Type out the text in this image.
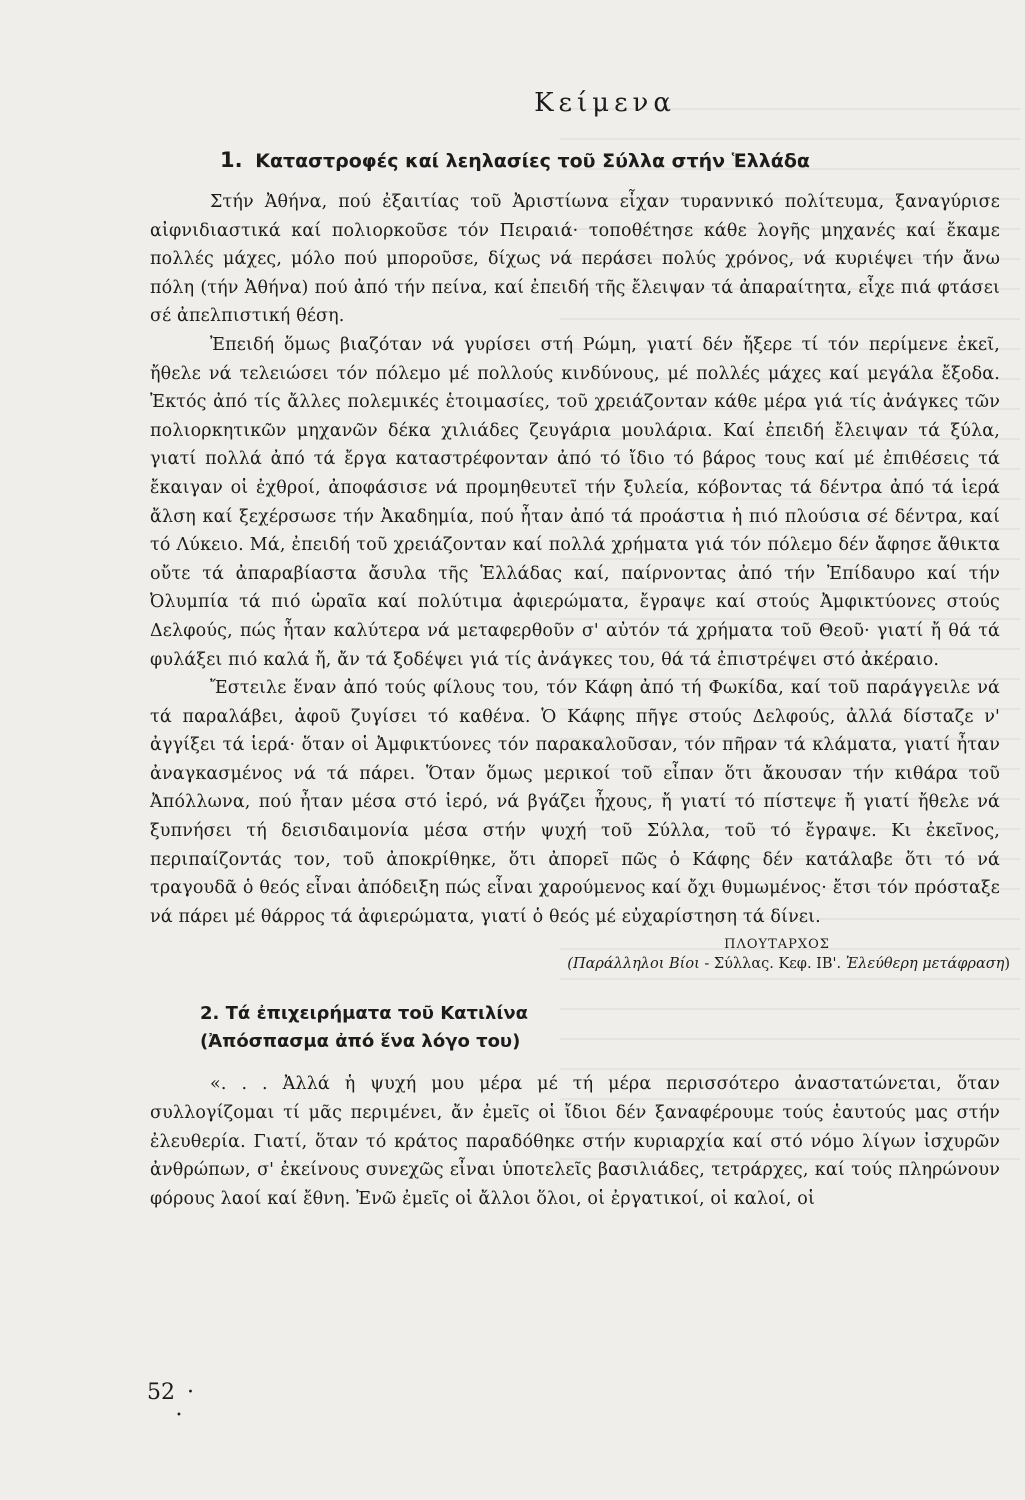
Κείμενα
1. Καταστροφές καί λεηλασίες τοῦ Σύλλα στήν Ἑλλάδα

Στήν Ἀθήνα, πού ἐξαιτίας τοῦ Ἀριστίωνα εἶχαν τυραννικό πολίτευμα, ξαναγύρισε αἰφνιδιαστικά καί πολιορκοῦσε τόν Πειραιά· τοποθέτησε κάθε λογῆς μηχανές καί ἔκαμε πολλές μάχες, μόλο πού μποροῦσε, δίχως νά περάσει πολύς χρόνος, νά κυριέψει τήν ἄνω πόλη (τήν Ἀθήνα) πού ἀπό τήν πείνα, καί ἐπειδή τῆς ἔλειψαν τά ἀπαραίτητα, εἶχε πιά φτάσει σέ ἀπελπιστική θέση.

Ἐπειδή ὅμως βιαζόταν νά γυρίσει στή Ρώμη, γιατί δέν ἤξερε τί τόν περίμενε ἐκεῖ, ἤθελε νά τελειώσει τόν πόλεμο μέ πολλούς κινδύνους, μέ πολλές μάχες καί μεγάλα ἔξοδα. Ἐκτός ἀπό τίς ἄλλες πολεμικές ἑτοιμασίες, τοῦ χρειάζονταν κάθε μέρα γιά τίς ἀνάγκες τῶν πολιορκητικῶν μηχανῶν δέκα χιλιάδες ζευγάρια μουλάρια. Καί ἐπειδή ἔλειψαν τά ξύλα, γιατί πολλά ἀπό τά ἔργα καταστρέφονταν ἀπό τό ἴδιο τό βάρος τους καί μέ ἐπιθέσεις τά ἔκαιγαν οἱ ἐχθροί, ἀποφάσισε νά προμηθευτεῖ τήν ξυλεία, κόβοντας τά δέντρα ἀπό τά ἱερά ἄλση καί ξεχέρσωσε τήν Ἀκαδημία, πού ἦταν ἀπό τά προάστια ἡ πιό πλούσια σέ δέντρα, καί τό Λύκειο. Μά, ἐπειδή τοῦ χρειάζονταν καί πολλά χρήματα γιά τόν πόλεμο δέν ἄφησε ἄθικτα οὔτε τά ἀπαραβίαστα ἄσυλα τῆς Ἑλλάδας καί, παίρνοντας ἀπό τήν Ἐπίδαυρο καί τήν Ὀλυμπία τά πιό ὡραῖα καί πολύτιμα ἀφιερώματα, ἔγραψε καί στούς Ἀμφικτύονες στούς Δελφούς, πώς ἦταν καλύτερα νά μεταφερθοῦν σ' αὐτόν τά χρήματα τοῦ Θεοῦ· γιατί ἤ θά τά φυλάξει πιό καλά ἤ, ἄν τά ξοδέψει γιά τίς ἀνάγκες του, θά τά ἐπιστρέψει στό ἀκέραιο.

Ἔστειλε ἕναν ἀπό τούς φίλους του, τόν Κάφη ἀπό τή Φωκίδα, καί τοῦ παράγγειλε νά τά παραλάβει, ἀφοῦ ζυγίσει τό καθένα. Ὁ Κάφης πῆγε στούς Δελφούς, ἀλλά δίσταζε ν' ἀγγίξει τά ἱερά· ὅταν οἱ Ἀμφικτύονες τόν παρακαλοῦσαν, τόν πῆραν τά κλάματα, γιατί ἦταν ἀναγκασμένος νά τά πάρει. Ὅταν ὅμως μερικοί τοῦ εἶπαν ὅτι ἄκουσαν τήν κιθάρα τοῦ Ἀπόλλωνα, πού ἦταν μέσα στό ἱερό, νά βγάζει ἦχους, ἤ γιατί τό πίστεψε ἤ γιατί ἤθελε νά ξυπνήσει τή δεισιδαιμονία μέσα στήν ψυχή τοῦ Σύλλα, τοῦ τό ἔγραψε. Κι ἐκεῖνος, περιπαίζοντάς τον, τοῦ ἀποκρίθηκε, ὅτι ἀπορεῖ πῶς ὁ Κάφης δέν κατάλαβε ὅτι τό νά τραγουδᾶ ὁ θεός εἶναι ἀπόδειξη πώς εἶναι χαρούμενος καί ὄχι θυμωμένος· ἔτσι τόν πρόσταξε νά πάρει μέ θάρρος τά ἀφιερώματα, γιατί ὁ θεός μέ εὐχαρίστηση τά δίνει.

ΠΛΟΥΤΑΡΧΟΣ
(Παράλληλοι Βίοι - Σύλλας. Κεφ. ΙΒ'. Ἐλεύθερη μετάφραση)
2. Τά ἐπιχειρήματα τοῦ Κατιλίνα
(Ἀπόσπασμα ἀπό ἕνα λόγο του)

«. . . Ἀλλά ἡ ψυχή μου μέρα μέ τή μέρα περισσότερο ἀναστατώνεται, ὅταν συλλογίζομαι τί μᾶς περιμένει, ἄν ἐμεῖς οἱ ἴδιοι δέν ξαναφέρουμε τούς ἑαυτούς μας στήν ἐλευθερία. Γιατί, ὅταν τό κράτος παραδόθηκε στήν κυριαρχία καί στό νόμο λίγων ἰσχυρῶν ἀνθρώπων, σ' ἐκείνους συνεχῶς εἶναι ὑποτελεῖς βασιλιάδες, τετράρχες, καί τούς πληρώνουν φόρους λαοί καί ἔθνη. Ἐνῶ ἐμεῖς οἱ ἄλλοι ὅλοι, οἱ ἐργατικοί, οἱ καλοί, οἱ

52 ·
•
